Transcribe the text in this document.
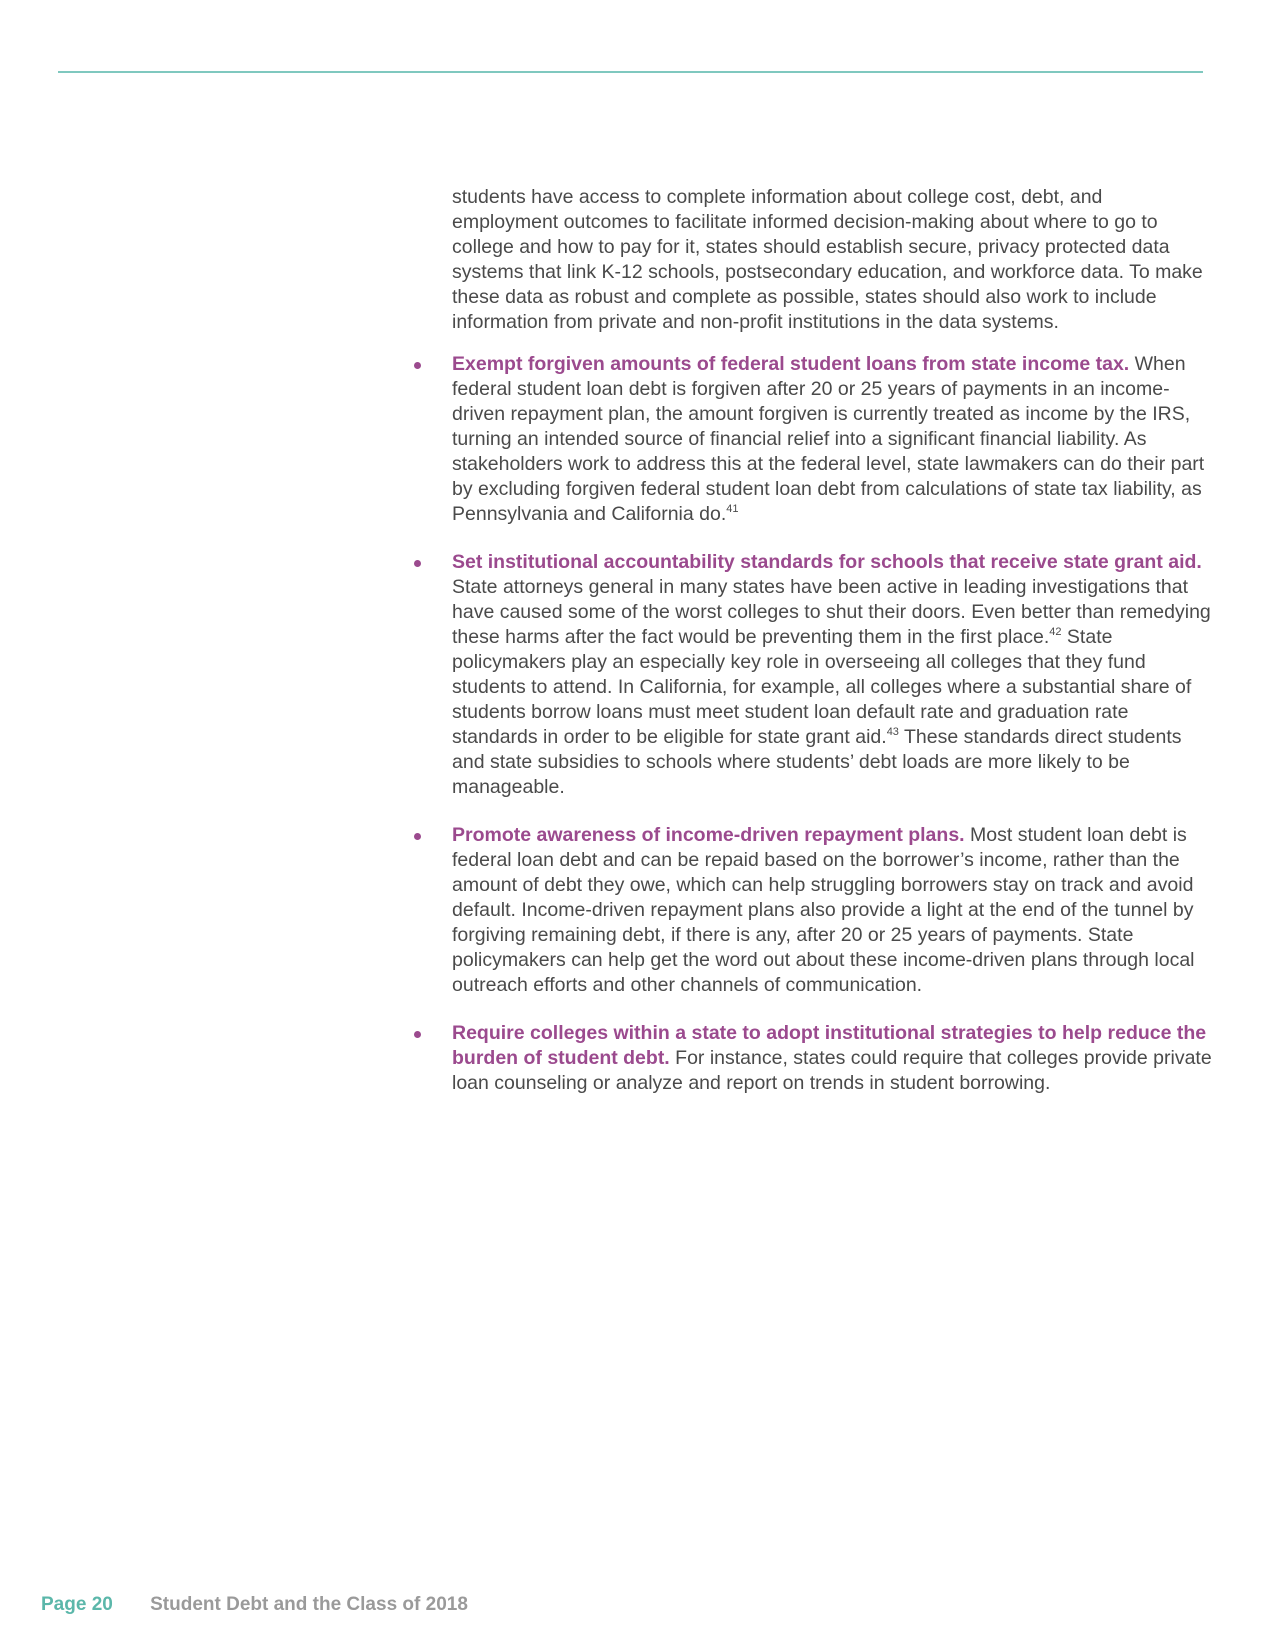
students have access to complete information about college cost, debt, and employment outcomes to facilitate informed decision-making about where to go to college and how to pay for it, states should establish secure, privacy protected data systems that link K-12 schools, postsecondary education, and workforce data. To make these data as robust and complete as possible, states should also work to include information from private and non-profit institutions in the data systems.

Exempt forgiven amounts of federal student loans from state income tax. When federal student loan debt is forgiven after 20 or 25 years of payments in an income-driven repayment plan, the amount forgiven is currently treated as income by the IRS, turning an intended source of financial relief into a significant financial liability. As stakeholders work to address this at the federal level, state lawmakers can do their part by excluding forgiven federal student loan debt from calculations of state tax liability, as Pennsylvania and California do.$^{41}$
Set institutional accountability standards for schools that receive state grant aid. State attorneys general in many states have been active in leading investigations that have caused some of the worst colleges to shut their doors. Even better than remedying these harms after the fact would be preventing them in the first place.$^{42}$ State policymakers play an especially key role in overseeing all colleges that they fund students to attend. In California, for example, all colleges where a substantial share of students borrow loans must meet student loan default rate and graduation rate standards in order to be eligible for state grant aid.$^{43}$ These standards direct students and state subsidies to schools where students’ debt loads are more likely to be manageable.
Promote awareness of income-driven repayment plans. Most student loan debt is federal loan debt and can be repaid based on the borrower’s income, rather than the amount of debt they owe, which can help struggling borrowers stay on track and avoid default. Income-driven repayment plans also provide a light at the end of the tunnel by forgiving remaining debt, if there is any, after 20 or 25 years of payments. State policymakers can help get the word out about these income-driven plans through local outreach efforts and other channels of communication.
Require colleges within a state to adopt institutional strategies to help reduce the burden of student debt. For instance, states could require that colleges provide private loan counseling or analyze and report on trends in student borrowing.
Page 20 Student Debt and the Class of 2018
